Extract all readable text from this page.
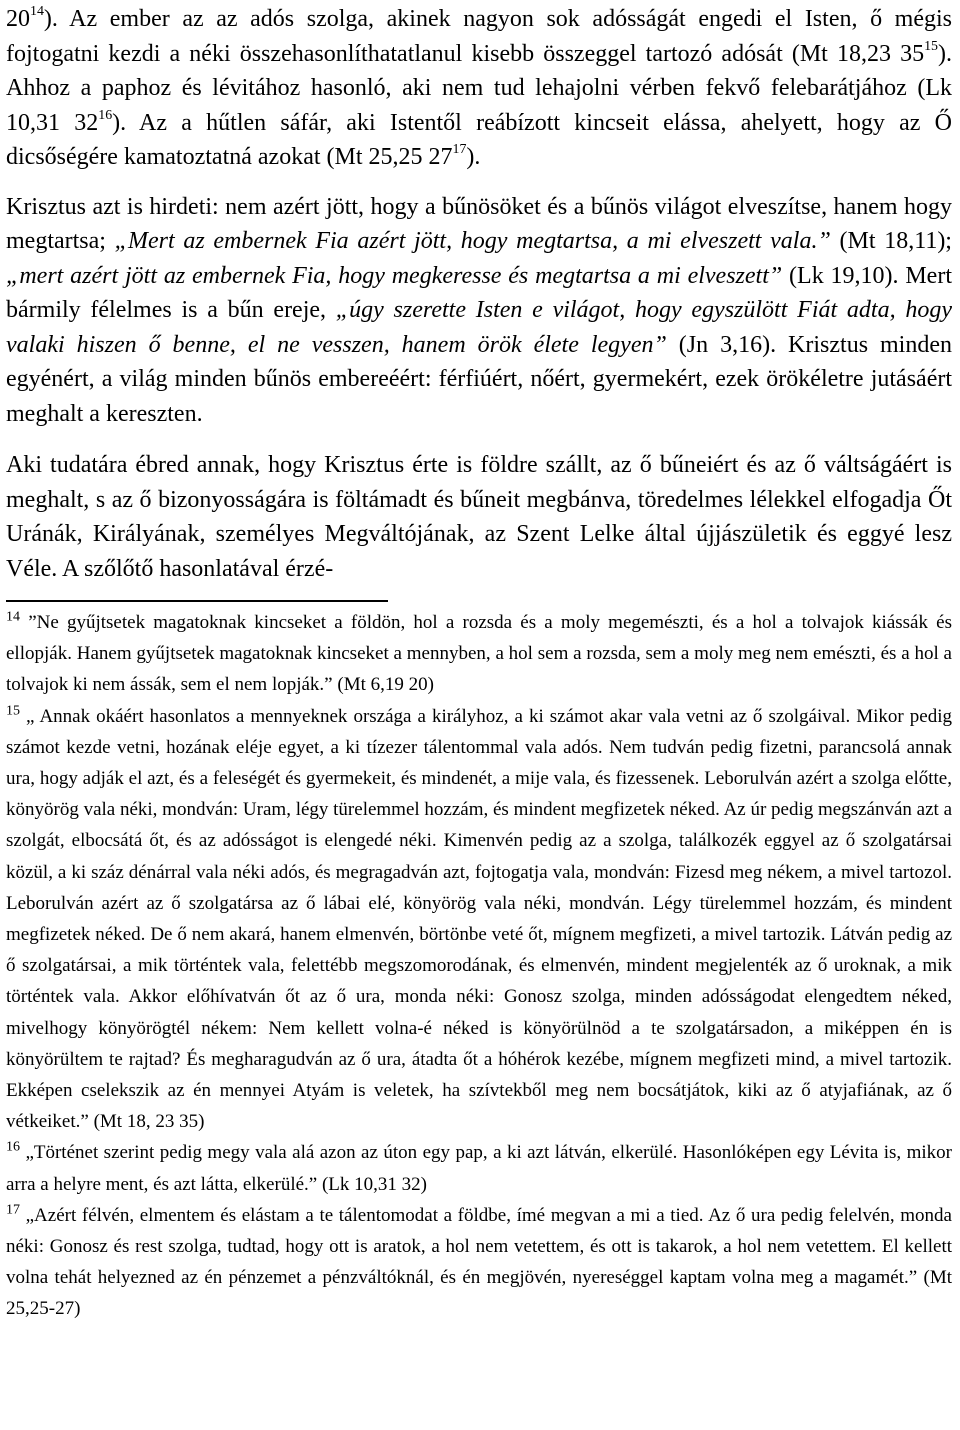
$20^{14}$). Az ember az az adós szolga, akinek nagyon sok adósságát engedi el Isten, ő mégis fojtogatni kezdi a néki összehasonlíthatatlanul kisebb összeggel tartozó adósát (Mt 18,23 $35^{15}$). Ahhoz a paphoz és lévitához hasonló, aki nem tud lehajolni vérben fekvő felebarátjához (Lk 10,31 $32^{16}$). Az a hűtlen sáfár, aki Istentől reábízott kincseit elássa, ahelyett, hogy az Ő dicsőségére kamatoztatná azokat (Mt 25,25 $27^{17}$).

Krisztus azt is hirdeti: nem azért jött, hogy a bűnösöket és a bűnös világot elveszítse, hanem hogy megtartsa; „Mert az embernek Fia azért jött, hogy megtartsa, a mi elveszett vala.” (Mt 18,11); „mert azért jött az embernek Fia, hogy megkeresse és megtartsa a mi elveszett” (Lk 19,10). Mert bármily félelmes is a bűn ereje, „úgy szerette Isten e világot, hogy egyszülött Fiát adta, hogy valaki hiszen ő benne, el ne vesszen, hanem örök élete legyen” (Jn 3,16). Krisztus minden egyénért, a világ minden bűnös embereéért: férfiúért, nőért, gyermekért, ezek örökéletre jutásáért meghalt a kereszten.

Aki tudatára ébred annak, hogy Krisztus érte is földre szállt, az ő bűneiért és az ő váltságáért is meghalt, s az ő bizonyosságára is föltámadt és bűneit megbánva, töredelmes lélekkel elfogadja Őt Uránák, Királyának, személyes Megváltójának, az Szent Lelke által újjászületik és eggyé lesz Véle. A szőlőtő hasonlatával érzé-

$^{14}$ ”Ne gyűjtsetek magatoknak kincseket a földön, hol a rozsda és a moly megemészti, és a hol a tolvajok kiássák és ellopják. Hanem gyűjtsetek magatoknak kincseket a mennyben, a hol sem a rozsda, sem a moly meg nem emészti, és a hol a tolvajok ki nem ássák, sem el nem lopják.” (Mt 6,19 20)

$^{15}$ „ Annak okáért hasonlatos a mennyeknek országa a királyhoz, a ki számot akar vala vetni az ő szolgáival. Mikor pedig számot kezde vetni, hozának eléje egyet, a ki tízezer tálentommal vala adós. Nem tudván pedig fizetni, parancsolá annak ura, hogy adják el azt, és a feleségét és gyermekeit, és mindenét, a mije vala, és fizessenek. Leborulván azért a szolga előtte, könyörög vala néki, mondván: Uram, légy türelemmel hozzám, és mindent megfizetek néked. Az úr pedig megszánván azt a szolgát, elbocsátá őt, és az adósságot is elengedé néki. Kimenvén pedig az a szolga, találkozék eggyel az ő szolgatársai közül, a ki száz dénárral vala néki adós, és megragadván azt, fojtogatja vala, mondván: Fizesd meg nékem, a mivel tartozol. Leborulván azért az ő szolgatársa az ő lábai elé, könyörög vala néki, mondván. Légy türelemmel hozzám, és mindent megfizetek néked. De ő nem akará, hanem elmenvén, börtönbe veté őt, mígnem megfizeti, a mivel tartozik. Látván pedig az ő szolgatársai, a mik történtek vala, felettébb megszomorodának, és elmenvén, mindent megjelenték az ő uroknak, a mik történtek vala. Akkor előhívatván őt az ő ura, monda néki: Gonosz szolga, minden adósságodat elengedtem néked, mivelhogy könyörögtél nékem: Nem kellett volna-é néked is könyörülnöd a te szolgatársadon, a miképpen én is könyörültem te rajtad? És megharagudván az ő ura, átadta őt a hóhérok kezébe, mígnem megfizeti mind, a mivel tartozik. Ekképen cselekszik az én mennyei Atyám is veletek, ha szívtekből meg nem bocsátjátok, kiki az ő atyjafiának, az ő vétkeiket.” (Mt 18, 23 35)

$^{16}$ „Történet szerint pedig megy vala alá azon az úton egy pap, a ki azt látván, elkerülé. Hasonlóképen egy Lévita is, mikor arra a helyre ment, és azt látta, elkerülé.” (Lk 10,31 32)

$^{17}$ „Azért félvén, elmentem és elástam a te tálentomodat a földbe, ímé megvan a mi a tied. Az ő ura pedig felelvén, monda néki: Gonosz és rest szolga, tudtad, hogy ott is aratok, a hol nem vetettem, és ott is takarok, a hol nem vetettem. El kellett volna tehát helyezned az én pénzemet a pénzváltóknál, és én megjövén, nyereséggel kaptam volna meg a magamét.” (Mt 25,25-27)
